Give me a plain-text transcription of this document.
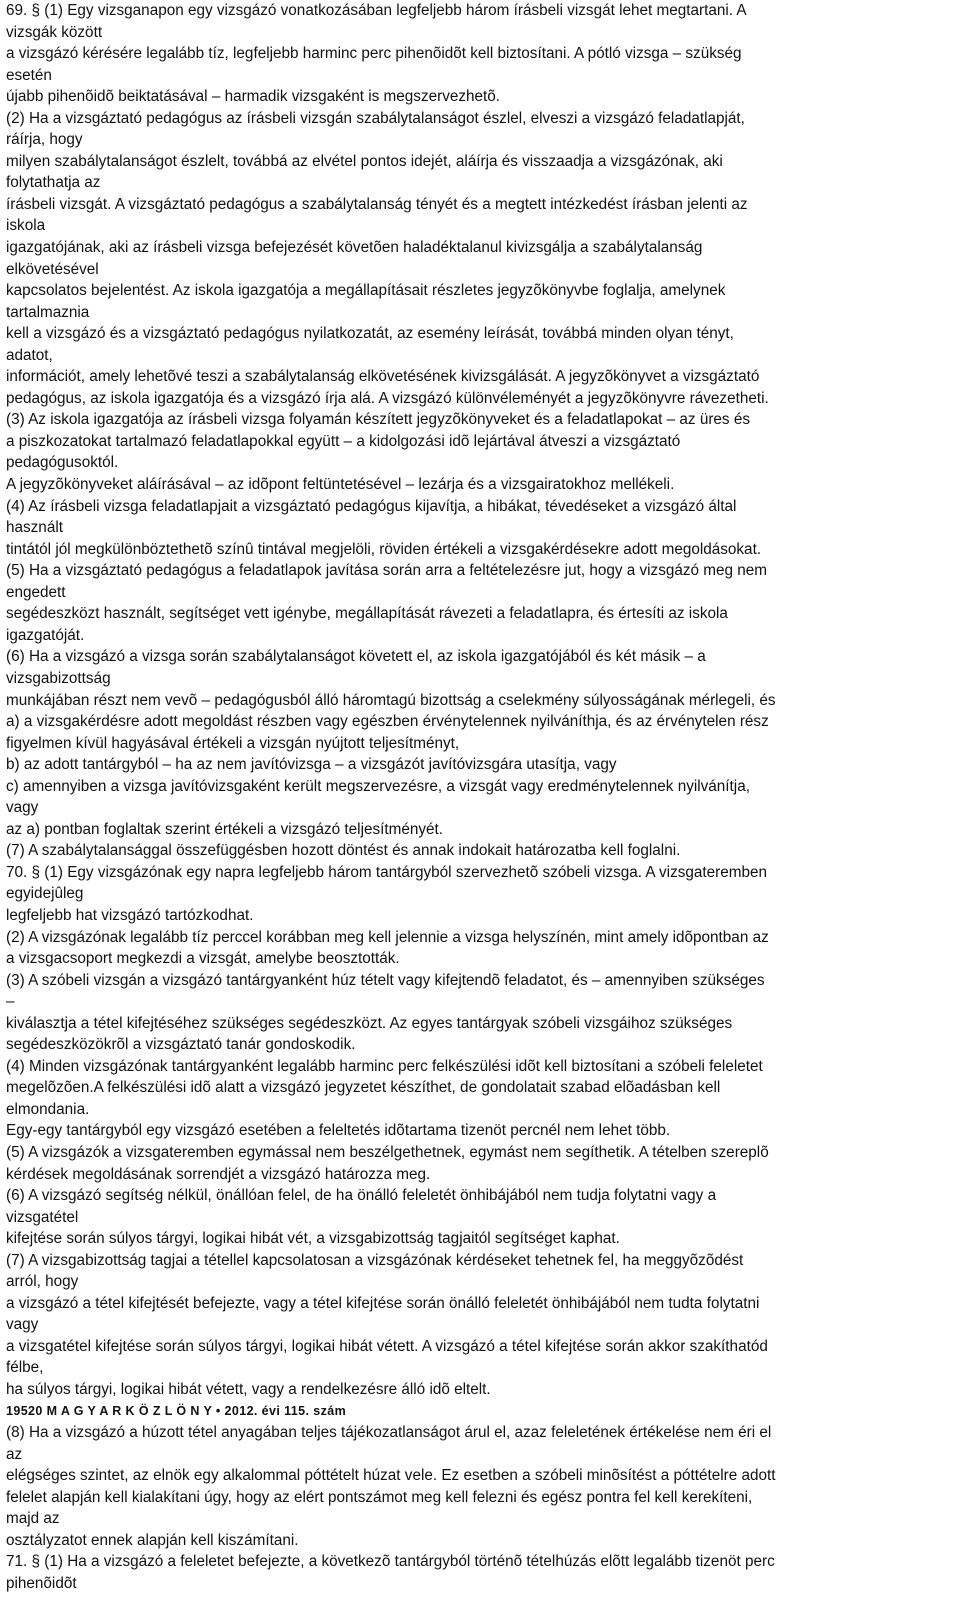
69. § (1) Egy vizsganapon egy vizsgázó vonatkozásában legfeljebb három írásbeli vizsgát lehet megtartani. A
vizsgák között
a vizsgázó kérésére legalább tíz, legfeljebb harminc perc pihenõidõt kell biztosítani. A pótló vizsga – szükség
esetén
újabb pihenõidõ beiktatásával – harmadik vizsgaként is megszervezhetõ.
(2) Ha a vizsgáztató pedagógus az írásbeli vizsgán szabálytalanságot észlel, elveszi a vizsgázó feladatlapját,
ráírja, hogy
milyen szabálytalanságot észlelt, továbbá az elvétel pontos idejét, aláírja és visszaadja a vizsgázónak, aki
folytathatja az
írásbeli vizsgát. A vizsgáztató pedagógus a szabálytalanság tényét és a megtett intézkedést írásban jelenti az
iskola
igazgatójának, aki az írásbeli vizsga befejezését követõen haladéktalanul kivizsgálja a szabálytalanság
elkövetésével
kapcsolatos bejelentést. Az iskola igazgatója a megállapításait részletes jegyzõkönyvbe foglalja, amelynek
tartalmaznia
kell a vizsgázó és a vizsgáztató pedagógus nyilatkozatát, az esemény leírását, továbbá minden olyan tényt,
adatot,
információt, amely lehetõvé teszi a szabálytalanság elkövetésének kivizsgálását. A jegyzõkönyvet a vizsgáztató
pedagógus, az iskola igazgatója és a vizsgázó írja alá. A vizsgázó különvéleményét a jegyzõkönyvre rávezetheti.
(3) Az iskola igazgatója az írásbeli vizsga folyamán készített jegyzõkönyveket és a feladatlapokat – az üres és
a piszkozatokat tartalmazó feladatlapokkal együtt – a kidolgozási idõ lejártával átveszi a vizsgáztató
pedagógusoktól.
A jegyzõkönyveket aláírásával – az idõpont feltüntetésével – lezárja és a vizsgairatokhoz mellékeli.
(4) Az írásbeli vizsga feladatlapjait a vizsgáztató pedagógus kijavítja, a hibákat, tévedéseket a vizsgázó által
használt
tintától jól megkülönböztethetõ színû tintával megjelöli, röviden értékeli a vizsgakérdésekre adott megoldásokat.
(5) Ha a vizsgáztató pedagógus a feladatlapok javítása során arra a feltételezésre jut, hogy a vizsgázó meg nem
engedett
segédeszközt használt, segítséget vett igénybe, megállapítását rávezeti a feladatlapra, és értesíti az iskola
igazgatóját.
(6) Ha a vizsgázó a vizsga során szabálytalanságot követett el, az iskola igazgatójából és két másik – a
vizsgabizottság
munkájában részt nem vevõ – pedagógusból álló háromtagú bizottság a cselekmény súlyosságának mérlegeli, és
a) a vizsgakérdésre adott megoldást részben vagy egészben érvénytelennek nyilváníthja, és az érvénytelen rész
figyelmen kívül hagyásával értékeli a vizsgán nyújtott teljesítményt,
b) az adott tantárgyból – ha az nem javítóvizsga – a vizsgázót javítóvizsgára utasítja, vagy
c) amennyiben a vizsga javítóvizsgaként került megszervezésre, a vizsgát vagy eredménytelennek nyilvánítja,
vagy
az a) pontban foglaltak szerint értékeli a vizsgázó teljesítményét.
(7) A szabálytalansággal összefüggésben hozott döntést és annak indokait határozatba kell foglalni.
70. § (1) Egy vizsgázónak egy napra legfeljebb három tantárgyból szervezhetõ szóbeli vizsga. A vizsgateremben
egyidejûleg
legfeljebb hat vizsgázó tartózkodhat.
(2) A vizsgázónak legalább tíz perccel korábban meg kell jelennie a vizsga helyszínén, mint amely idõpontban az
a vizsgacsoport megkezdi a vizsgát, amelybe beosztották.
(3) A szóbeli vizsgán a vizsgázó tantárgyanként húz tételt vagy kifejtendõ feladatot, és – amennyiben szükséges
–
kiválasztja a tétel kifejtéséhez szükséges segédeszközt. Az egyes tantárgyak szóbeli vizsgáihoz szükséges
segédeszközökrõl a vizsgáztató tanár gondoskodik.
(4) Minden vizsgázónak tantárgyanként legalább harminc perc felkészülési idõt kell biztosítani a szóbeli feleletet
megelõzõen.A felkészülési idõ alatt a vizsgázó jegyzetet készíthet, de gondolatait szabad elõadásban kell
elmondania.
Egy-egy tantárgyból egy vizsgázó esetében a feleltetés idõtartama tizenöt percnél nem lehet több.
(5) A vizsgázók a vizsgateremben egymással nem beszélgethetnek, egymást nem segíthetik. A tételben szereplõ
kérdések megoldásának sorrendjét a vizsgázó határozza meg.
(6) A vizsgázó segítség nélkül, önállóan felel, de ha önálló feleletét önhibájából nem tudja folytatni vagy a
vizsgatétel
kifejtése során súlyos tárgyi, logikai hibát vét, a vizsgabizottság tagjaitól segítséget kaphat.
(7) A vizsgabizottság tagjai a tétellel kapcsolatosan a vizsgázónak kérdéseket tehetnek fel, ha meggyõzõdést
arról, hogy
a vizsgázó a tétel kifejtését befejezte, vagy a tétel kifejtése során önálló feleletét önhibájából nem tudta folytatni
vagy
a vizsgatétel kifejtése során súlyos tárgyi, logikai hibát vétett. A vizsgázó a tétel kifejtése során akkor szakíthatód
félbe,
ha súlyos tárgyi, logikai hibát vétett, vagy a rendelkezésre álló idõ eltelt.
19520 M A G Y A R K Ö Z L Ö N Y • 2012. évi 115. szám
(8) Ha a vizsgázó a húzott tétel anyagában teljes tájékozatlanságot árul el, azaz feleletének értékelése nem éri el
az
elégséges szintet, az elnök egy alkalommal póttételt húzat vele. Ez esetben a szóbeli minõsítést a póttételre adott
felelet alapján kell kialakítani úgy, hogy az elért pontszámot meg kell felezni és egész pontra fel kell kerekíteni,
majd az
osztályzatot ennek alapján kell kiszámítani.
71. § (1) Ha a vizsgázó a feleletet befejezte, a következõ tantárgyból történõ tételhúzás elõtt legalább tizenöt perc
pihenõidõt
